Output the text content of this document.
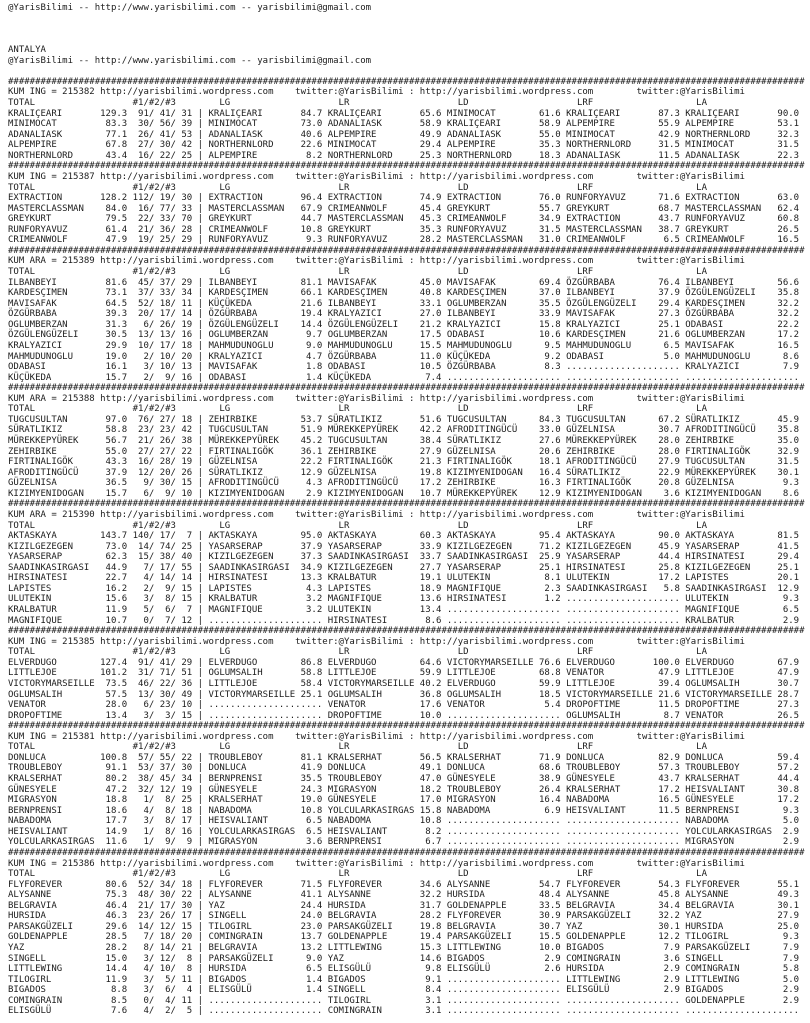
@YarisBilimi -- http://www.yarisbilimi.com -- yarisbilimi@gmail.com
ANTALYA
@YarisBilimi -- http://www.yarisbilimi.com -- yarisbilimi@gmail.com
###################################################################################################################################################
KUM ING = 215382 http://yarisbilimi.wordpress.com    twitter:@YarisBilimi : http://yarisbilimi.wordpress.com        twitter:@YarisBilimi
TOTAL                  #1/#2/#3        LG                    LR                    LD                    LRF                   LA
KRALIÇEARI       129.3  91/ 41/ 31 | KRALIÇEARI       84.7 KRALIÇEARI       65.6 MINIMOCAT        61.6 KRALIÇEARI       87.3 KRALIÇEARI       90.0
MINIMOCAT         83.3  30/ 56/ 39 | MINIMOCAT        73.0 ADANALIASK       58.9 KRALIÇEARI       58.9 ALPEMPIRE        55.9 ALPEMPIRE        53.1
ADANALIASK        77.1  26/ 41/ 53 | ADANALIASK       40.6 ALPEMPIRE        49.9 ADANALIASK       55.0 MINIMOCAT        42.9 NORTHERNLORD     32.3
ALPEMPIRE         67.8  27/ 30/ 42 | NORTHERNLORD     22.6 MINIMOCAT        29.4 ALPEMPIRE        35.3 NORTHERNLORD     31.5 MINIMOCAT        31.5
NORTHERNLORD      43.4  16/ 22/ 25 | ALPEMPIRE         8.2 NORTHERNLORD     25.3 NORTHERNLORD     18.3 ADANALIASK       11.5 ADANALIASK       22.3
###################################################################################################################################################
KUM ING = 215387 http://yarisbilimi.wordpress.com    twitter:@YarisBilimi : http://yarisbilimi.wordpress.com        twitter:@YarisBilimi
TOTAL                  #1/#2/#3        LG                    LR                    LD                    LRF                   LA
EXTRACTION       128.2 112/ 19/ 30 | EXTRACTION       96.4 EXTRACTION       74.9 EXTRACTION       76.0 RUNFORYAVUZ      71.6 EXTRACTION       63.0
MASTERCLASSMAN    84.0  16/ 77/ 33 | MASTERCLASSMAN   67.9 CRIMEANWOLF      45.4 GREYKURT         55.7 GREYKURT         68.7 MASTERCLASSMAN   62.4
GREYKURT          79.5  22/ 33/ 70 | GREYKURT         44.7 MASTERCLASSMAN   45.3 CRIMEANWOLF      34.9 EXTRACTION       43.7 RUNFORYAVUZ      60.8
RUNFORYAVUZ       61.4  21/ 36/ 28 | CRIMEANWOLF      10.8 GREYKURT         35.3 RUNFORYAVUZ      31.5 MASTERCLASSMAN   38.7 GREYKURT         26.5
CRIMEANWOLF       47.9  19/ 25/ 29 | RUNFORYAVUZ       9.3 RUNFORYAVUZ      28.2 MASTERCLASSMAN   31.0 CRIMEANWOLF       6.5 CRIMEANWOLF      16.5
###################################################################################################################################################
KUM ARA = 215389 http://yarisbilimi.wordpress.com    twitter:@YarisBilimi : http://yarisbilimi.wordpress.com        twitter:@YarisBilimi
TOTAL                  #1/#2/#3        LG                    LR                    LD                    LRF                   LA
ILBANBEYI         81.6  45/ 37/ 29 | ILBANBEYI        81.1 MAVISAFAK        45.0 MAVISAFAK        69.4 ÖZGÜRBABA        76.4 ILBANBEYI        56.6
KARDESÇIMEN       73.1  37/ 33/ 34 | KARDESÇIMEN      66.1 KARDESÇIMEN      40.8 KARDESÇIMEN      37.0 ILBANBEYI        37.9 ÖZGÜLENGÜZELI    35.8
MAVISAFAK         64.5  52/ 18/ 11 | KÜÇÜKEDA         21.6 ILBANBEYI        33.1 OGLUMBERZAN      35.5 ÖZGÜLENGÜZELI    29.4 KARDESÇIMEN      32.2
ÖZGÜRBABA         39.3  20/ 17/ 14 | ÖZGÜRBABA        19.4 KRALYAZICI       27.0 ILBANBEYI        33.9 MAVISAFAK        27.3 ÖZGÜRBABA        32.2
OGLUMBERZAN       31.3   6/ 26/ 19 | ÖZGÜLENGÜZELI    14.4 ÖZGÜLENGÜZELI    21.2 KRALYAZICI       15.8 KRALYAZICI       25.1 ODABASI          22.2
ÖZGÜLENGÜZELI     30.5  13/ 13/ 16 | OGLUMBERZAN       9.7 OGLUMBERZAN      17.5 ODABASI          10.6 KARDESÇIMEN      21.6 OGLUMBERZAN      17.2
KRALYAZICI        29.9  10/ 17/ 18 | MAHMUDUNOGLU      9.0 MAHMUDUNOGLU     15.5 MAHMUDUNOGLU      9.5 MAHMUDUNOGLU      6.5 MAVISAFAK        16.5
MAHMUDUNOGLU      19.0   2/ 10/ 20 | KRALYAZICI        4.7 ÖZGÜRBABA        11.0 KÜÇÜKEDA          9.2 ODABASI           5.0 MAHMUDUNOGLU      8.6
ODABASI           16.1   3/ 10/ 13 | MAVISAFAK         1.8 ODABASI          10.5 ÖZGÜRBABA         8.3 ..................... KRALYAZICI        7.9
KÜÇÜKEDA          15.7   2/  9/ 16 | ODABASI           1.4 KÜÇÜKEDA          7.4 ..................... ..................... .....................
###################################################################################################################################################
KUM ARA = 215388 http://yarisbilimi.wordpress.com    twitter:@YarisBilimi : http://yarisbilimi.wordpress.com        twitter:@YarisBilimi
TOTAL                  #1/#2/#3        LG                    LR                    LD                    LRF                   LA
TUGCUSULTAN       97.0  76/ 27/ 18 | ZEHIRBIKE        53.7 SÜRATLIKIZ       51.6 TUGCUSULTAN      84.3 TUGCUSULTAN      67.2 SÜRATLIKIZ       45.9
SÜRATLIKIZ        58.8  23/ 23/ 42 | TUGCUSULTAN      51.9 MÜREKKEPYÜREK    42.2 AFRODITINGÜCÜ    33.0 GÜZELNISA        30.7 AFRODITINGÜCÜ    35.8
MÜREKKEPYÜREK     56.7  21/ 26/ 38 | MÜREKKEPYÜREK    45.2 TUGCUSULTAN      38.4 SÜRATLIKIZ       27.6 MÜREKKEPYÜREK    28.0 ZEHIRBIKE        35.0
ZEHIRBIKE         55.0  27/ 27/ 22 | FIRTINALIGÖK     36.1 ZEHIRBIKE        27.9 GÜZELNISA        20.6 ZEHIRBIKE        28.0 FIRTINALIGÖK     32.9
FIRTINALIGÖK      43.3  16/ 28/ 19 | GÜZELNISA        22.2 FIRTINALIGÖK     21.3 FIRTINALIGÖK     18.1 AFRODITINGÜCÜ    27.9 TUGCUSULTAN      31.5
AFRODITINGÜCÜ     37.9  12/ 20/ 26 | SÜRATLIKIZ       12.9 GÜZELNISA        19.8 KIZIMYENIDOGAN   16.4 SÜRATLIKIZ       22.9 MÜREKKEPYÜREK    30.1
GÜZELNISA         36.5   9/ 30/ 15 | AFRODITINGÜCÜ     4.3 AFRODITINGÜCÜ    17.2 ZEHIRBIKE        16.3 FIRTINALIGÖK     20.8 GÜZELNISA         9.3
KIZIMYENIDOGAN    15.7   6/  9/ 10 | KIZIMYENIDOGAN    2.9 KIZIMYENIDOGAN   10.7 MÜREKKEPYÜREK    12.9 KIZIMYENIDOGAN    3.6 KIZIMYENIDOGAN    8.6
###################################################################################################################################################
KUM ARA = 215390 http://yarisbilimi.wordpress.com    twitter:@YarisBilimi : http://yarisbilimi.wordpress.com        twitter:@YarisBilimi
TOTAL                  #1/#2/#3        LG                    LR                    LD                    LRF                   LA
AKTASKAYA        143.7 140/ 17/  7 | AKTASKAYA        95.0 AKTASKAYA        60.3 AKTASKAYA        95.4 AKTASKAYA        90.0 AKTASKAYA        81.5
KIZILGEZEGEN      73.0  14/ 74/ 25 | YASARSERAP       37.9 YASARSERAP       33.9 KIZILGEZEGEN     71.2 KIZILGEZEGEN     45.9 YASARSERAP       41.5
YASARSERAP        62.3  15/ 38/ 40 | KIZILGEZEGEN     37.3 SAADINKASIRGASI  33.7 SAADINKASIRGASI  25.9 YASARSERAP       44.4 HIRSINATESI      29.4
SAADINKASIRGASI   44.9   7/ 17/ 55 | SAADINKASIRGASI  34.9 KIZILGEZEGEN     27.7 YASARSERAP       25.1 HIRSINATESI      25.8 KIZILGEZEGEN     25.1
HIRSINATESI       22.7   4/ 14/ 14 | HIRSINATESI      13.3 KRALBATUR        19.1 ULUTEKIN          8.1 ULUTEKIN         17.2 LAPISTES         20.1
LAPISTES          16.2   2/  9/ 15 | LAPISTES          4.3 LAPISTES         18.9 MAGNIFIQUE        2.3 SAADINKASIRGASI   5.8 SAADINKASIRGASI  12.9
ULUTEKIN          15.6   3/  8/ 15 | KRALBATUR         3.2 MAGNIFIQUE       13.6 HIRSINATESI       1.2 ..................... ULUTEKIN          9.3
KRALBATUR         11.9   5/  6/  7 | MAGNIFIQUE        3.2 ULUTEKIN         13.4 ..................... ..................... MAGNIFIQUE        6.5
MAGNIFIQUE        10.7   0/  7/ 12 | ..................... HIRSINATESI       8.6 ..................... ..................... KRALBATUR         2.9
###################################################################################################################################################
KUM ING = 215385 http://yarisbilimi.wordpress.com    twitter:@YarisBilimi : http://yarisbilimi.wordpress.com        twitter:@YarisBilimi
TOTAL                  #1/#2/#3        LG                    LR                    LD                    LRF                   LA
ELVERDUGO        127.4  91/ 41/ 29 | ELVERDUGO        86.8 ELVERDUGO        64.6 VICTORYMARSEILLE 76.6 ELVERDUGO       100.0 ELVERDUGO        67.9
LITTLEJOE        101.2  31/ 71/ 51 | OGLUMSALIH       58.8 LITTLEJOE        59.9 LITTLEJOE        68.8 VENATOR          47.9 LITTLEJOE        47.9
VICTORYMARSEILLE  73.5  46/ 22/ 36 | LITTLEJOE        58.4 VICTORYMARSEILLE 40.2 ELVERDUGO        59.9 LITTLEJOE        39.4 OGLUMSALIH       30.7
OGLUMSALIH        57.5  13/ 30/ 49 | VICTORYMARSEILLE 25.1 OGLUMSALIH       36.8 OGLUMSALIH       18.5 VICTORYMARSEILLE 21.6 VICTORYMARSEILLE 28.7
VENATOR           28.0   6/ 23/ 10 | ..................... VENATOR          17.6 VENATOR           5.4 DROPOFTIME       11.5 DROPOFTIME       27.3
DROPOFTIME        13.4   3/  3/ 15 | ..................... DROPOFTIME       10.0 ..................... OGLUMSALIH        8.7 VENATOR          26.5
###################################################################################################################################################
KUM ING = 215381 http://yarisbilimi.wordpress.com    twitter:@YarisBilimi : http://yarisbilimi.wordpress.com        twitter:@YarisBilimi
TOTAL                  #1/#2/#3        LG                    LR                    LD                    LRF                   LA
DONLUCA          100.8  57/ 55/ 22 | TROUBLEBOY       81.1 KRALSERHAT       56.5 KRALSERHAT       71.9 DONLUCA          82.9 DONLUCA          59.4
TROUBLEBOY        91.1  53/ 37/ 30 | DONLUCA          41.9 DONLUCA          49.1 DONLUCA          68.6 TROUBLEBOY       57.3 TROUBLEBOY       57.2
KRALSERHAT        80.2  38/ 45/ 34 | BERNPRENSI       35.5 TROUBLEBOY       47.0 GÜNESYELE        38.9 GÜNESYELE        43.7 KRALSERHAT       44.4
GÜNESYELE         47.2  32/ 12/ 19 | GÜNESYELE        24.3 MIGRASYON        18.2 TROUBLEBOY       26.4 KRALSERHAT       17.2 HEISVALIANT      30.8
MIGRASYON         18.8   1/  8/ 25 | KRALSERHAT       19.0 GÜNESYELE        17.0 MIGRASYON        16.4 NABADOMA         16.5 GÜNESYELE        17.2
BERNPRENSI        18.6   4/  8/ 18 | NABADOMA         10.8 YOLCULARKASIRGAS 15.8 NABADOMA          6.9 HEISVALIANT      11.5 BERNPRENSI        9.3
NABADOMA          17.7   3/  8/ 17 | HEISVALIANT       6.5 NABADOMA         10.8 ..................... ..................... NABADOMA          5.0
HEISVALIANT       14.9   1/  8/ 16 | YOLCULARKASIRGAS  6.5 HEISVALIANT       8.2 ..................... ..................... YOLCULARKASIRGAS  2.9
YOLCULARKASIRGAS  11.6   1/  9/  9 | MIGRASYON         3.6 BERNPRENSI        6.7 ..................... ..................... MIGRASYON         2.9
###################################################################################################################################################
KUM ING = 215386 http://yarisbilimi.wordpress.com    twitter:@YarisBilimi : http://yarisbilimi.wordpress.com        twitter:@YarisBilimi
TOTAL                  #1/#2/#3        LG                    LR                    LD                    LRF                   LA
FLYFOREVER        80.6  52/ 34/ 18 | FLYFOREVER       71.5 FLYFOREVER       34.6 ALYSANNE         54.7 FLYFOREVER       54.3 FLYFOREVER       55.1
ALYSANNE          75.3  48/ 30/ 22 | ALYSANNE         41.1 ALYSANNE         32.2 HURSIDA          48.4 ALYSANNE         45.8 ALYSANNE         49.3
BELGRAVIA         46.4  21/ 17/ 30 | YAZ              24.4 HURSIDA          31.7 GOLDENAPPLE      33.5 BELGRAVIA        34.4 BELGRAVIA        30.1
HURSIDA           46.3  23/ 26/ 17 | SINGELL          24.0 BELGRAVIA        28.2 FLYFOREVER       30.9 PARSAKGÜZELI     32.2 YAZ              27.9
PARSAKGÜZELI      29.6  14/ 12/ 15 | TILOGIRL         23.0 PARSAKGÜZELI     19.8 BELGRAVIA        30.7 YAZ              30.1 HURSIDA          25.0
GOLDENAPPLE       28.5   7/ 18/ 20 | COMINGRAIN       13.7 GOLDENAPPLE      19.4 PARSAKGÜZELI     15.5 GOLDENAPPLE      12.2 TILOGIRL          9.3
YAZ               28.2   8/ 14/ 21 | BELGRAVIA        13.2 LITTLEWING       15.3 LITTLEWING       10.0 BIGADOS           7.9 PARSAKGÜZELI      7.9
SINGELL           15.0   3/ 12/  8 | PARSAKGÜZELI      9.0 YAZ              14.6 BIGADOS           2.9 COMINGRAIN        3.6 SINGELL           7.9
LITTLEWING        14.4   4/ 10/  8 | HURSIDA           6.5 ELISGÜLÜ          9.8 ELISGÜLÜ          2.6 HURSIDA           2.9 COMINGRAIN        5.8
TILOGIRL          11.9   3/  5/ 11 | BIGADOS           1.4 BIGADOS           9.1 ..................... LITTLEWING        2.9 LITTLEWING        5.0
BIGADOS            8.8   3/  6/  4 | ELISGÜLÜ          1.4 SINGELL           8.4 ..................... ELISGÜLÜ          2.9 BIGADOS           2.9
COMINGRAIN         8.5   0/  4/ 11 | ..................... TILOGIRL          3.1 ..................... ..................... GOLDENAPPLE       2.9
ELISGÜLÜ           7.6   4/  2/  5 | ..................... COMINGRAIN        3.1 ..................... ..................... .....................
